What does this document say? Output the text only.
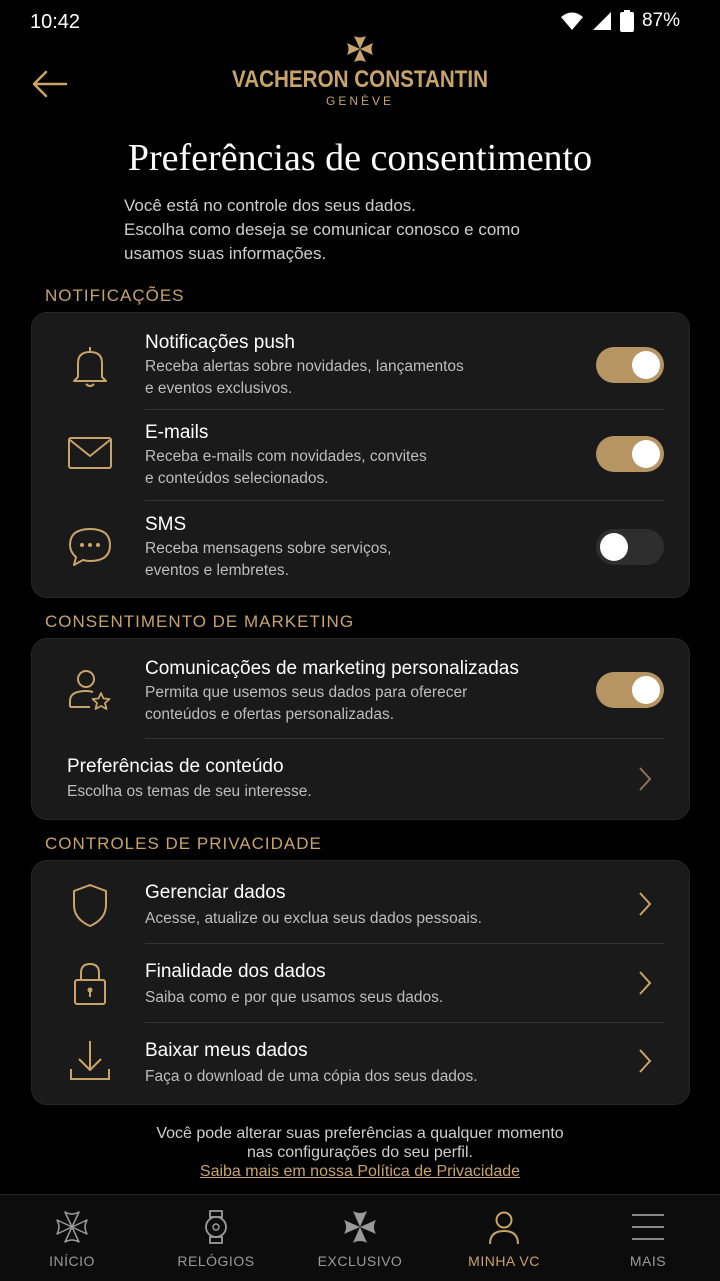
10:42	87%
VACHERON CONSTANTIN
GENÈVE
Preferências de consentimento
Você está no controle dos seus dados.
Escolha como deseja se comunicar conosco e como
usamos suas informações.
NOTIFICAÇÕES
Notificações push
Receba alertas sobre novidades, lançamentos
e eventos exclusivos.
E-mails
Receba e-mails com novidades, convites
e conteúdos selecionados.
SMS
Receba mensagens sobre serviços,
eventos e lembretes.
CONSENTIMENTO DE MARKETING
Comunicações de marketing personalizadas
Permita que usemos seus dados para oferecer
conteúdos e ofertas personalizadas.
Preferências de conteúdo
Escolha os temas de seu interesse.
CONTROLES DE PRIVACIDADE
Gerenciar dados
Acesse, atualize ou exclua seus dados pessoais.
Finalidade dos dados
Saiba como e por que usamos seus dados.
Baixar meus dados
Faça o download de uma cópia dos seus dados.
Você pode alterar suas preferências a qualquer momento
nas configurações do seu perfil.
Saiba mais em nossa Política de Privacidade
INÍCIO	RELÓGIOS	EXCLUSIVO	MINHA VC	MAIS
